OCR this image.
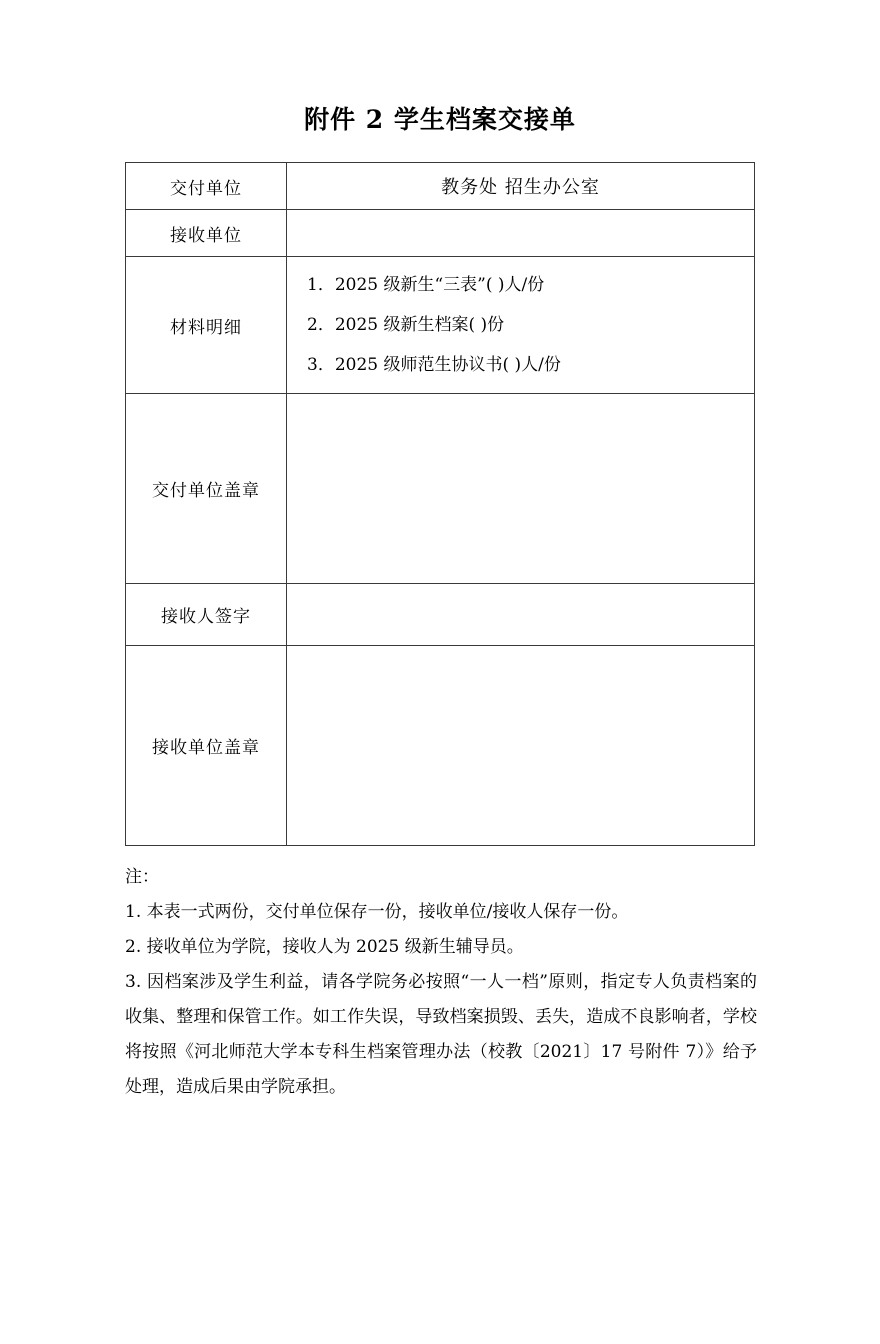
附件 2 学生档案交接单
交付单位	教务处 招生办公室
接收单位	
材料明细	1．2025 级新生“三表”( )人/份
2．2025 级新生档案( )份
3．2025 级师范生协议书( )人/份

交付单位盖章	
接收人签字	
接收单位盖章	
注：
1. 本表一式两份，交付单位保存一份，接收单位/接收人保存一份。
2. 接收单位为学院，接收人为 2025 级新生辅导员。
3. 因档案涉及学生利益，请各学院务必按照“一人一档”原则，指定专人负责档案的收集、整理和保管工作。如工作失误，导致档案损毁、丢失，造成不良影响者，学校将按照《河北师范大学本专科生档案管理办法（校教〔2021〕17 号附件 7）》给予处理，造成后果由学院承担。
